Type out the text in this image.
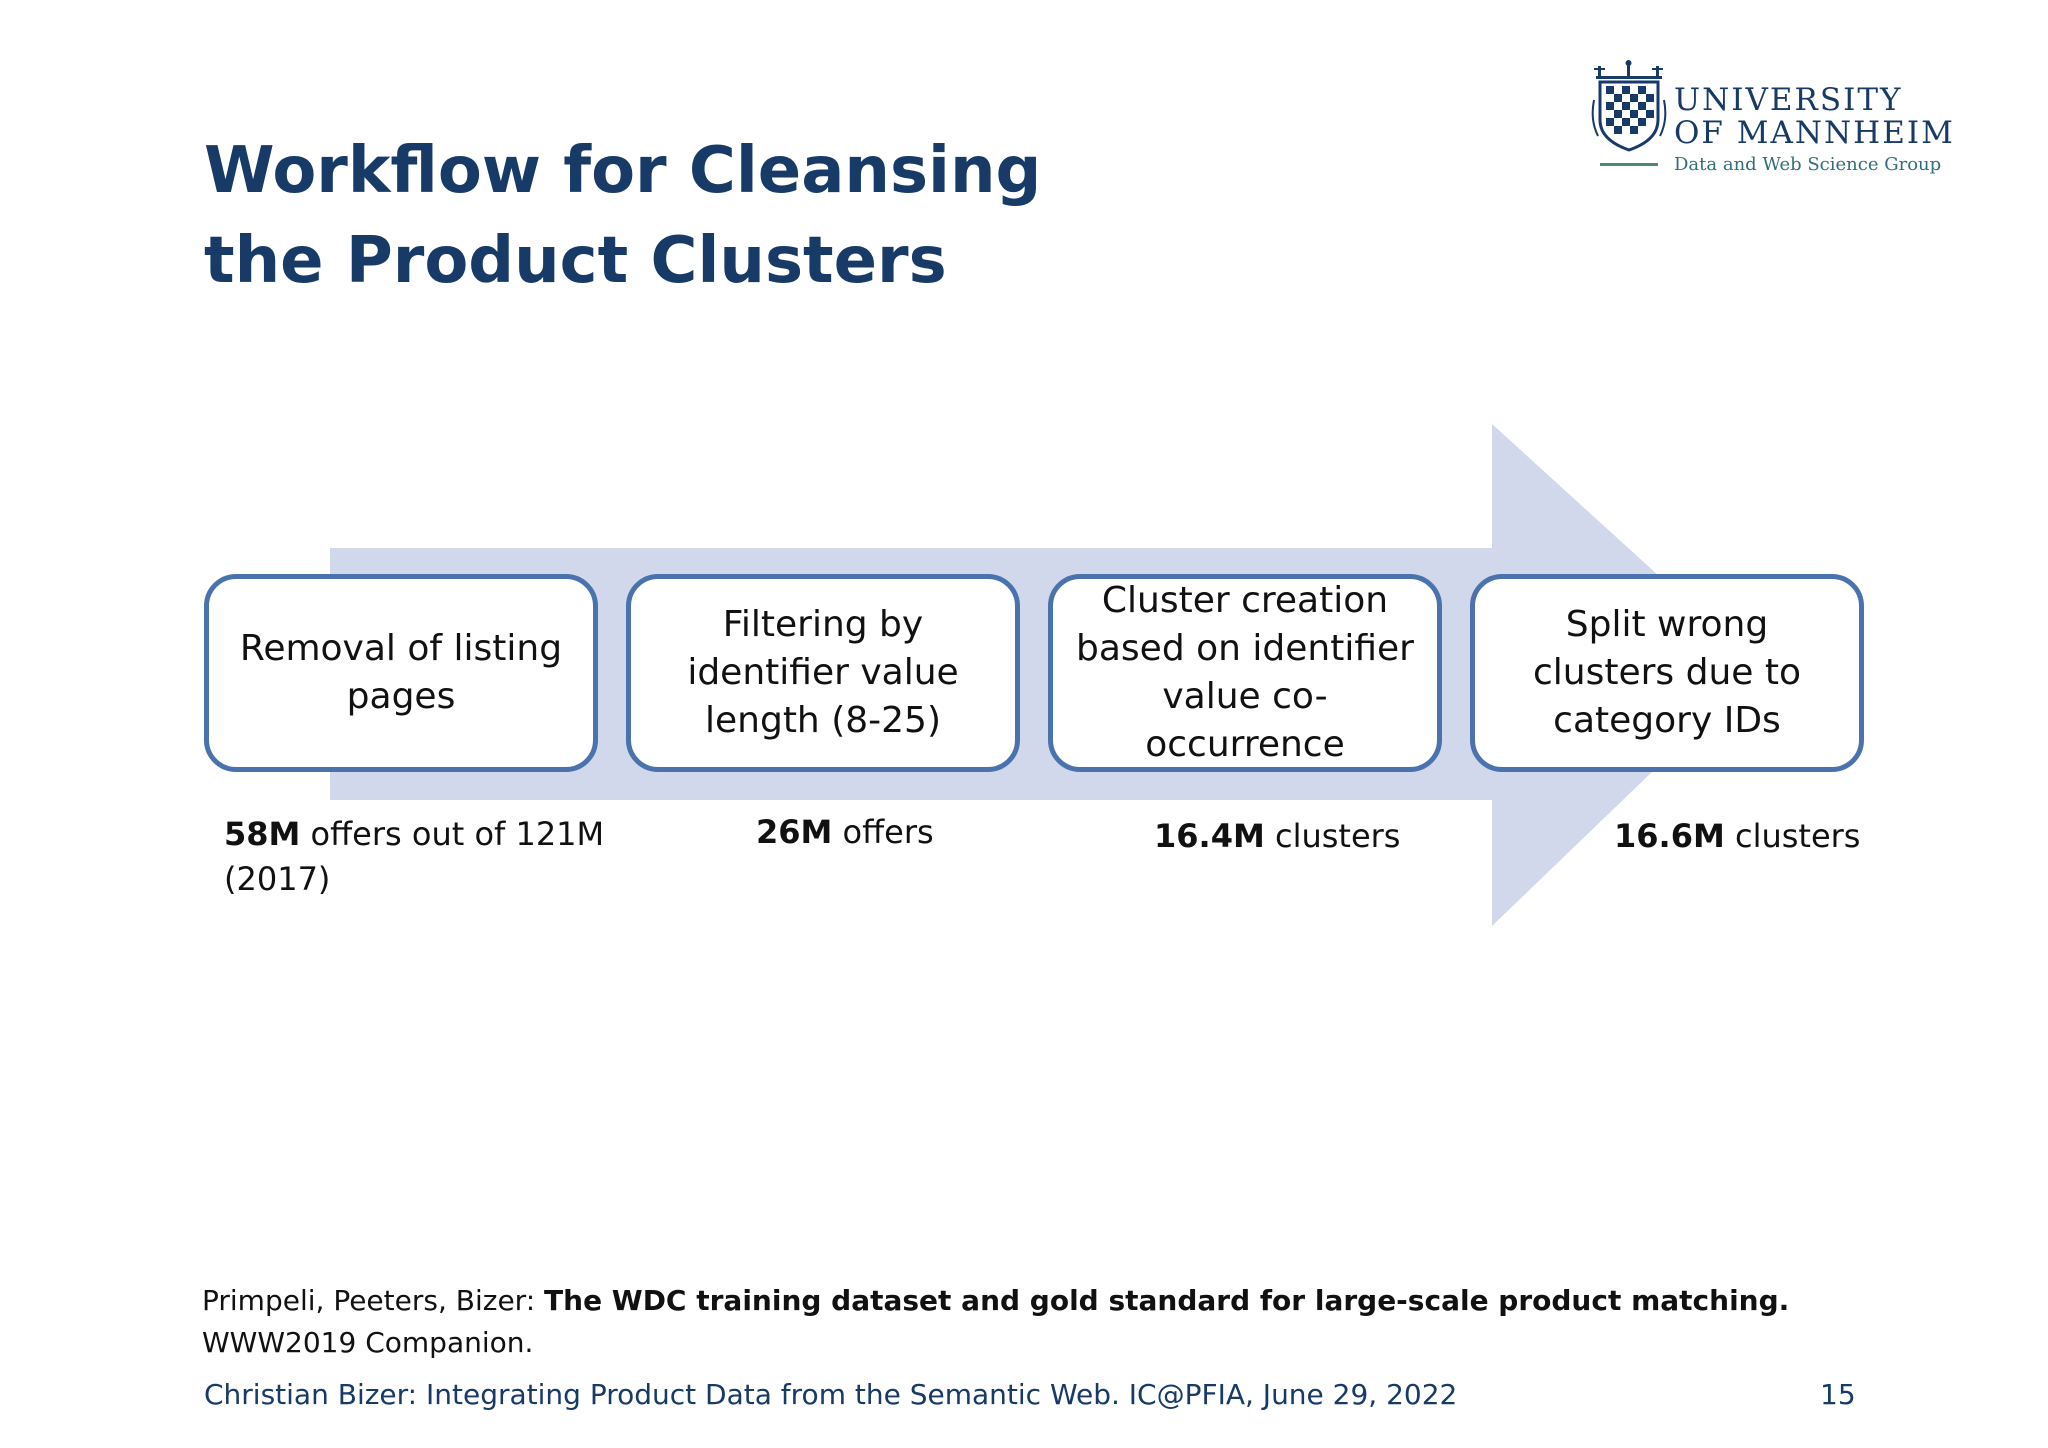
Workflow for Cleansing
the Product Clusters
UNIVERSITY
OF MANNHEIM
Data and Web Science Group
Removal of listing pages
Filtering by identifier value length (8-25)
Cluster creation based on identifier value co-occurrence
Split wrong clusters due to category IDs
58M offers out of 121M
(2017)
26M offers	16.4M clusters	16.6M clusters
Primpeli, Peeters, Bizer: The WDC training dataset and gold standard for large-scale product matching.
WWW2019 Companion.
Christian Bizer: Integrating Product Data from the Semantic Web. IC@PFIA, June 29, 2022	15
